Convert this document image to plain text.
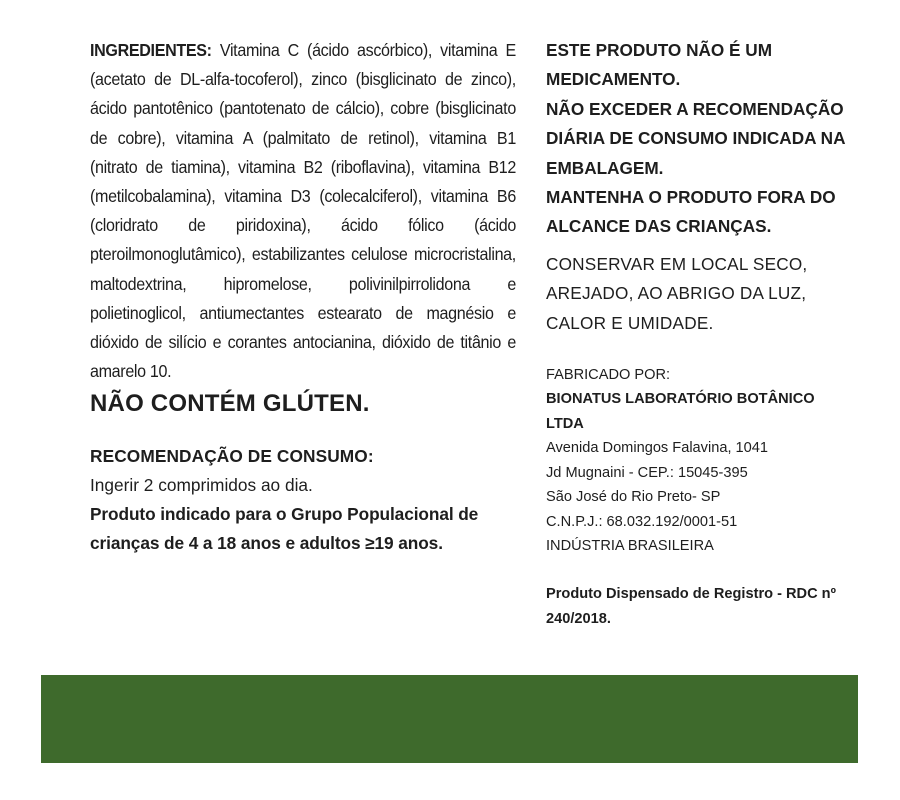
INGREDIENTES: Vitamina C (ácido ascórbico), vitamina E (acetato de DL-alfa-tocoferol), zinco (bisglicinato de zinco), ácido pantotênico (pantotenato de cálcio), cobre (bisglicinato de cobre), vitamina A (palmitato de retinol), vitamina B1 (nitrato de tiamina), vitamina B2 (riboflavina), vitamina B12 (metilcobalamina), vitamina D3 (colecalciferol), vitamina B6 (cloridrato de piridoxina), ácido fólico (ácido pteroilmonoglutâmico), estabilizantes celulose microcristalina, maltodextrina, hipromelose, polivinilpirrolidona e polietinoglicol, antiumectantes estearato de magnésio e dióxido de silício e corantes antocianina, dióxido de titânio e amarelo 10.

NÃO CONTÉM GLÚTEN.

RECOMENDAÇÃO DE CONSUMO:

Ingerir 2 comprimidos ao dia.

Produto indicado para o Grupo Populacional de crianças de 4 a 18 anos e adultos ≥19 anos.

ESTE PRODUTO NÃO É UM MEDICAMENTO.

NÃO EXCEDER A RECOMENDAÇÃO DIÁRIA DE CONSUMO INDICADA NA EMBALAGEM.

MANTENHA O PRODUTO FORA DO ALCANCE DAS CRIANÇAS.

CONSERVAR EM LOCAL SECO, AREJADO, AO ABRIGO DA LUZ, CALOR E UMIDADE.

FABRICADO POR:

BIONATUS LABORATÓRIO BOTÂNICO LTDA

Avenida Domingos Falavina, 1041

Jd Mugnaini - CEP.: 15045-395

São José do Rio Preto- SP

C.N.P.J.: 68.032.192/0001-51

INDÚSTRIA BRASILEIRA

Produto Dispensado de Registro - RDC nº 240/2018.
